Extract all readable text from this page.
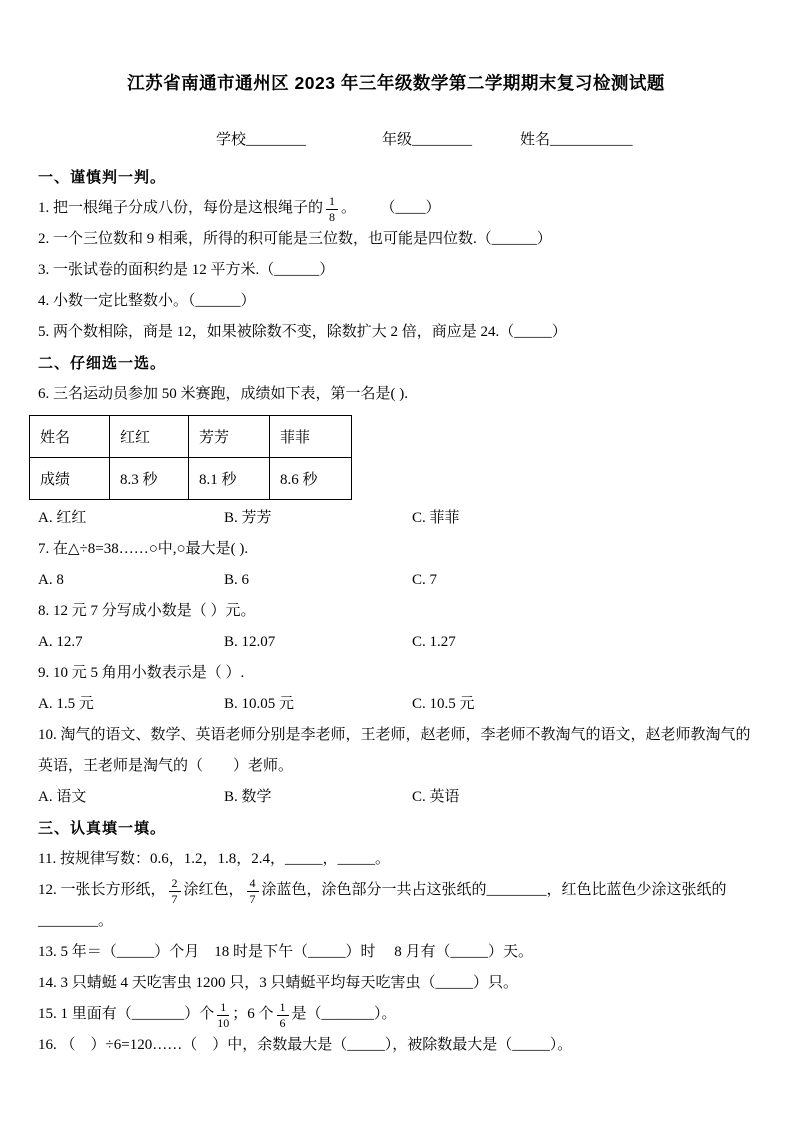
江苏省南通市通州区 2023 年三年级数学第二学期期末复习检测试题
学校________	年级________	姓名___________
一、谨慎判一判。
1. 把一根绳子分成八份，每份是这根绳子的 $\frac{1}{8}$ 。 （____）
2. 一个三位数和 9 相乘，所得的积可能是三位数，也可能是四位数.（______）
3. 一张试卷的面积约是 12 平方米.（______）
4. 小数一定比整数小。（______）
5. 两个数相除，商是 12，如果被除数不变，除数扩大 2 倍，商应是 24.（_____）
二、仔细选一选。
6. 三名运动员参加 50 米赛跑，成绩如下表，第一名是( ).
姓名	红红	芳芳	菲菲
成绩	8.3 秒	8.1 秒	8.6 秒
A. 红红	B. 芳芳	C. 菲菲
7. 在△÷8=38……○中,○最大是( ).
A. 8	B. 6	C. 7
8. 12 元 7 分写成小数是（ ）元。
A. 12.7	B. 12.07	C. 1.27
9. 10 元 5 角用小数表示是（ ）.
A. 1.5 元	B. 10.05 元	C. 10.5 元
10. 淘气的语文、数学、英语老师分别是李老师，王老师，赵老师，李老师不教淘气的语文，赵老师教淘气的英语，王老师是淘气的（　　）老师。
A. 语文	B. 数学	C. 英语
三、认真填一填。
11. 按规律写数：0.6，1.2，1.8，2.4，_____，_____。
12. 一张长方形纸， $\frac{2}{7}$ 涂红色， $\frac{4}{7}$ 涂蓝色，涂色部分一共占这张纸的________，红色比蓝色少涂这张纸的________。
13. 5 年＝（_____）个月　18 时是下午（_____）时　 8 月有（_____）天。
14. 3 只蜻蜓 4 天吃害虫 1200 只，3 只蜻蜓平均每天吃害虫（_____）只。
15. 1 里面有（_______）个 $\frac{1}{10}$ ；6 个 $\frac{1}{6}$ 是（_______）。
16. （　）÷6=120……（　）中，余数最大是（_____），被除数最大是（_____）。
